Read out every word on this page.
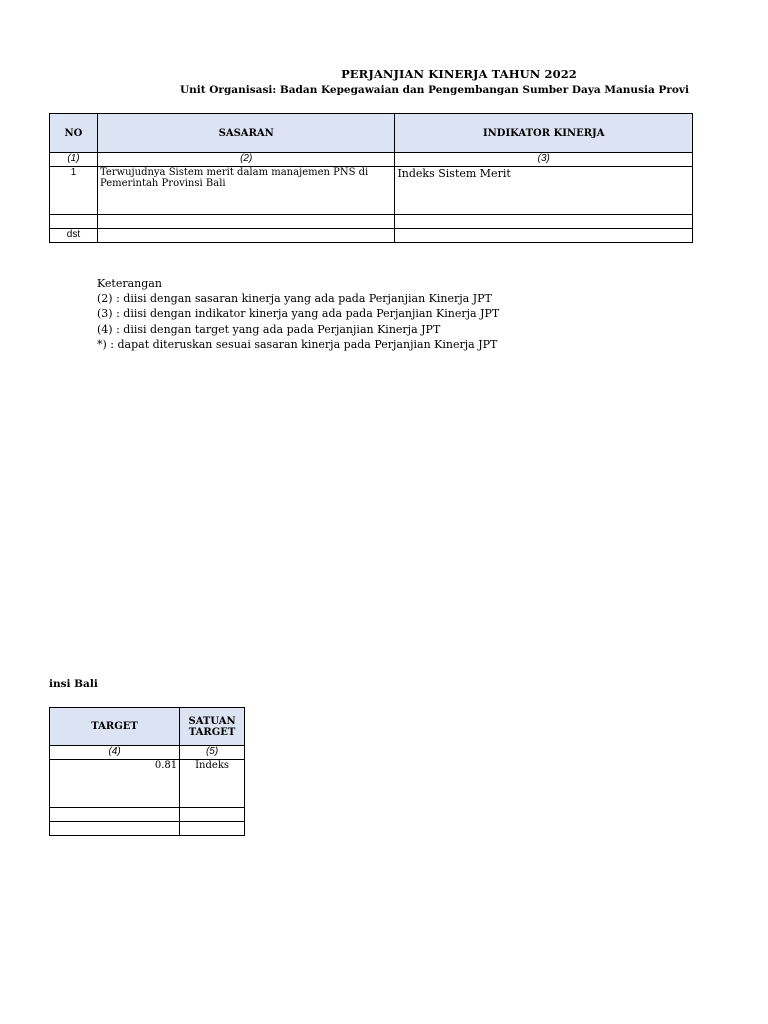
PERJANJIAN KINERJA TAHUN 2022
Unit Organisasi: Badan Kepegawaian dan Pengembangan Sumber Daya Manusia Provi
NO	SASARAN	INDIKATOR KINERJA
(1)	(2)	(3)
1	Terwujudnya Sistem merit dalam manajemen PNS di Pemerintah Provinsi Bali	Indeks Sistem Merit

dst		
Keterangan
(2) : diisi dengan sasaran kinerja yang ada pada Perjanjian Kinerja JPT
(3) : diisi dengan indikator kinerja yang ada pada Perjanjian Kinerja JPT
(4) : diisi dengan target yang ada pada Perjanjian Kinerja JPT
*) : dapat diteruskan sesuai sasaran kinerja pada Perjanjian Kinerja JPT
insi Bali
TARGET	SATUAN TARGET
(4)	(5)
0.81	Indeks
